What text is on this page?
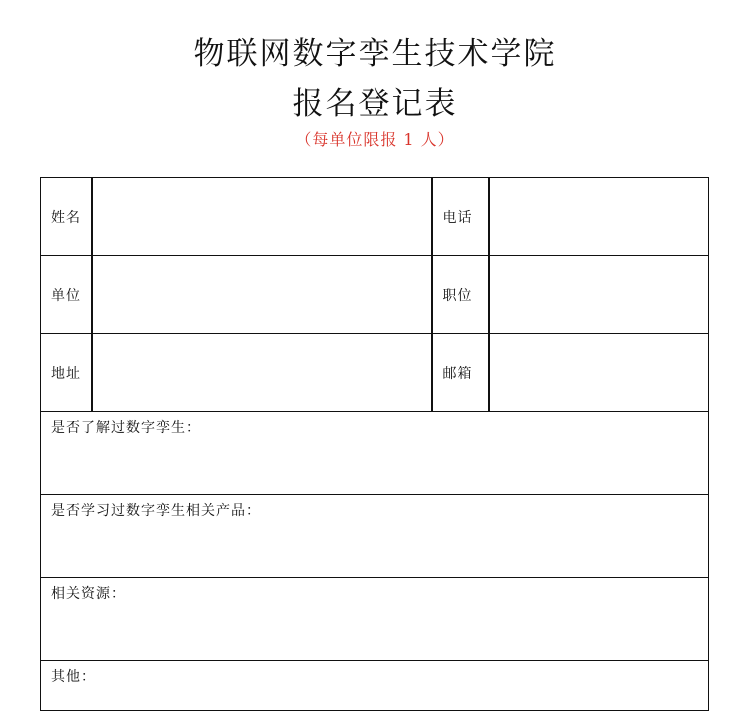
物联网数字孪生技术学院
报名登记表
（每单位限报 1 人）
姓名		电话	

单位		职位	

地址		邮箱	

是否了解过数字孪生：			
是否学习过数字孪生相关产品：			
相关资源：			
其他：			
